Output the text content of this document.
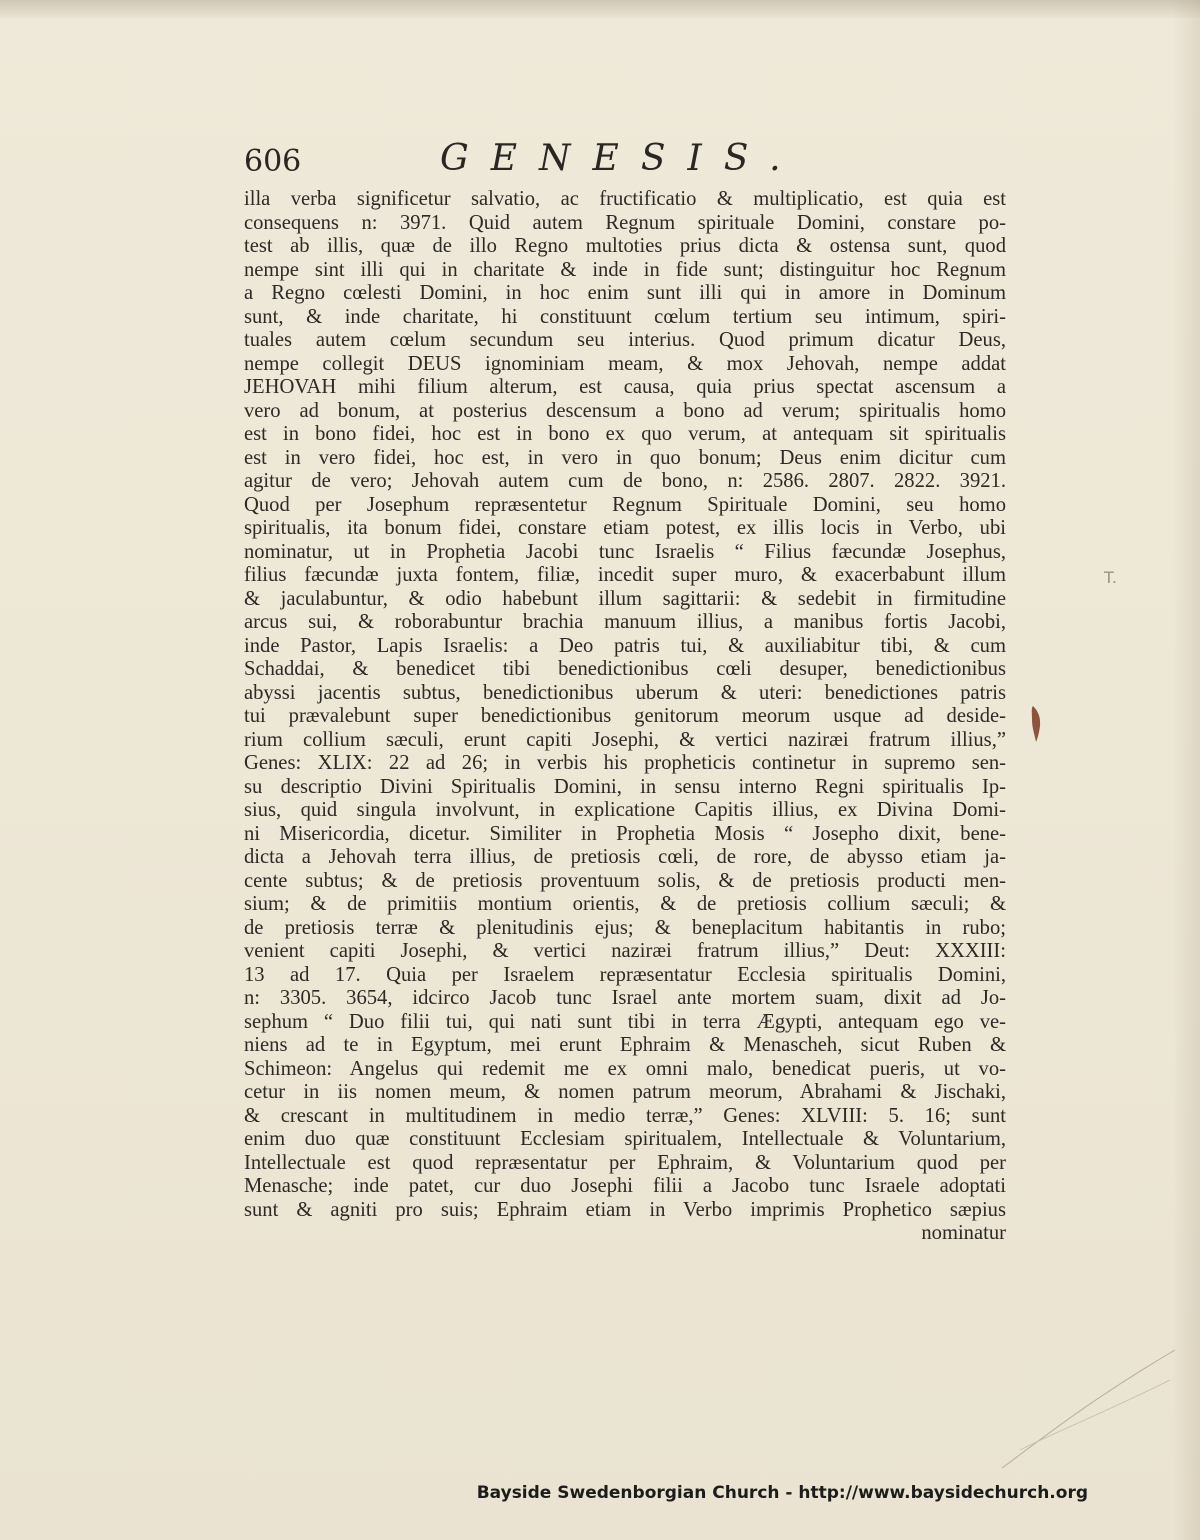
606	GENESIS.
illa verba significetur salvatio, ac fructificatio & multiplicatio, est quia est
consequens n: 3971. Quid autem Regnum spirituale Domini, constare po-
test ab illis, quæ de illo Regno multoties prius dicta & ostensa sunt, quod
nempe sint illi qui in charitate & inde in fide sunt; distinguitur hoc Regnum
a Regno cœlesti Domini, in hoc enim sunt illi qui in amore in Dominum
sunt, & inde charitate, hi constituunt cœlum tertium seu intimum, spiri-
tuales autem cœlum secundum seu interius. Quod primum dicatur Deus,
nempe collegit DEUS ignominiam meam, & mox Jehovah, nempe addat
JEHOVAH mihi filium alterum, est causa, quia prius spectat ascensum a
vero ad bonum, at posterius descensum a bono ad verum; spiritualis homo
est in bono fidei, hoc est in bono ex quo verum, at antequam sit spiritualis
est in vero fidei, hoc est, in vero in quo bonum; Deus enim dicitur cum
agitur de vero; Jehovah autem cum de bono, n: 2586. 2807. 2822. 3921.
Quod per Josephum repræsentetur Regnum Spirituale Domini, seu homo
spiritualis, ita bonum fidei, constare etiam potest, ex illis locis in Verbo, ubi
nominatur, ut in Prophetia Jacobi tunc Israelis “ Filius fæcundæ Josephus,
filius fæcundæ juxta fontem, filiæ, incedit super muro, & exacerbabunt illum
& jaculabuntur, & odio habebunt illum sagittarii: & sedebit in firmitudine
arcus sui, & roborabuntur brachia manuum illius, a manibus fortis Jacobi,
inde Pastor, Lapis Israelis: a Deo patris tui, & auxiliabitur tibi, & cum
Schaddai, & benedicet tibi benedictionibus cœli desuper, benedictionibus
abyssi jacentis subtus, benedictionibus uberum & uteri: benedictiones patris
tui prævalebunt super benedictionibus genitorum meorum usque ad deside-
rium collium sæculi, erunt capiti Josephi, & vertici naziræi fratrum illius,”
Genes: XLIX: 22 ad 26; in verbis his propheticis continetur in supremo sen-
su descriptio Divini Spiritualis Domini, in sensu interno Regni spiritualis Ip-
sius, quid singula involvunt, in explicatione Capitis illius, ex Divina Domi-
ni Misericordia, dicetur. Similiter in Prophetia Mosis “ Josepho dixit, bene-
dicta a Jehovah terra illius, de pretiosis cœli, de rore, de abysso etiam ja-
cente subtus; & de pretiosis proventuum solis, & de pretiosis producti men-
sium; & de primitiis montium orientis, & de pretiosis collium sæculi; &
de pretiosis terræ & plenitudinis ejus; & beneplacitum habitantis in rubo;
venient capiti Josephi, & vertici naziræi fratrum illius,” Deut: XXXIII:
13 ad 17. Quia per Israelem repræsentatur Ecclesia spiritualis Domini,
n: 3305. 3654, idcirco Jacob tunc Israel ante mortem suam, dixit ad Jo-
sephum “ Duo filii tui, qui nati sunt tibi in terra Ægypti, antequam ego ve-
niens ad te in Egyptum, mei erunt Ephraim & Menascheh, sicut Ruben &
Schimeon: Angelus qui redemit me ex omni malo, benedicat pueris, ut vo-
cetur in iis nomen meum, & nomen patrum meorum, Abrahami & Jischaki,
& crescant in multitudinem in medio terræ,” Genes: XLVIII: 5. 16; sunt
enim duo quæ constituunt Ecclesiam spiritualem, Intellectuale & Voluntarium,
Intellectuale est quod repræsentatur per Ephraim, & Voluntarium quod per
Menasche; inde patet, cur duo Josephi filii a Jacobo tunc Israele adoptati
sunt & agniti pro suis; Ephraim etiam in Verbo imprimis Prophetico sæpius
nominatur
T.
Bayside Swedenborgian Church - http://www.baysidechurch.org
